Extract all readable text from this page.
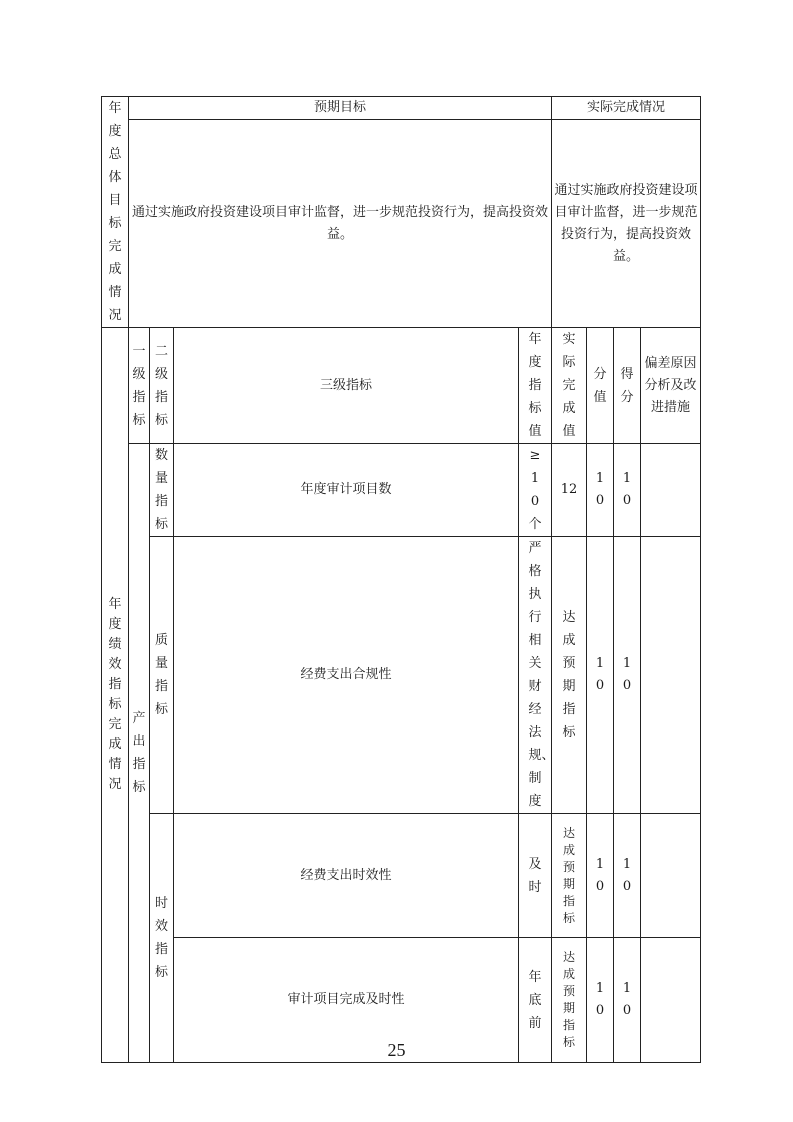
年度总体目标完成情况	预期目标				实际完成情况			
	通过实施政府投资建设项目审计监督，进一步规范投资行为，提高投资效益。				通过实施政府投资建设项目审计监督，进一步规范投资行为，提高投资效益。			

年度绩效指标完成情况	一级指标	二级指标	三级指标	年度指标值	实际完成值	分值	得分	偏差原因分析及改进措施

	产出指标	数量指标	年度审计项目数	≥10个	12	10	10	

		质量指标	经费支出合规性	严格执行相关财经法规、制度	达成预期指标	10	10	

		时效指标	经费支出时效性	及时	达成预期指标	10	10	

			审计项目完成及时性	年底前	达成预期指标	10	10	

25
